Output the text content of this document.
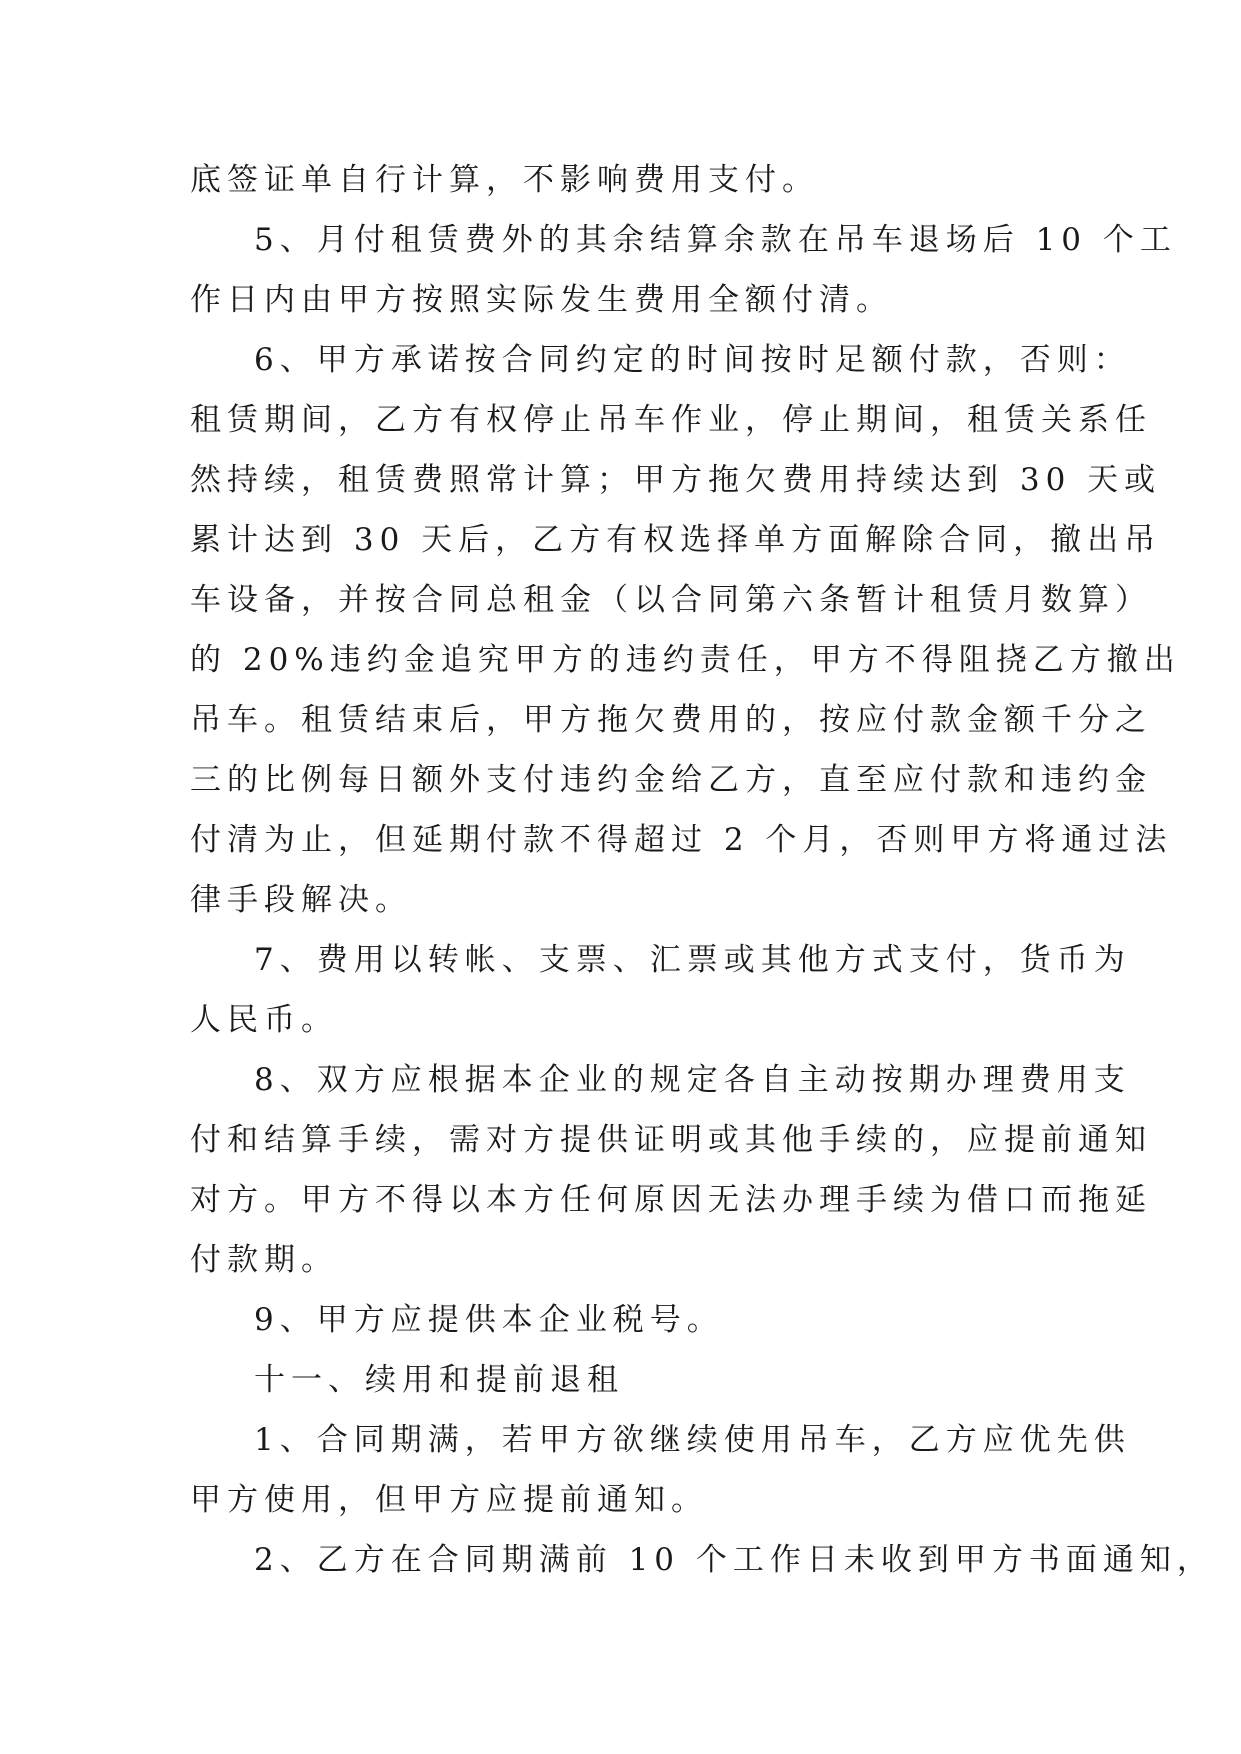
底签证单自行计算，不影响费用支付。
5、月付租赁费外的其余结算余款在吊车退场后 10 个工
作日内由甲方按照实际发生费用全额付清。
6、甲方承诺按合同约定的时间按时足额付款，否则：
租赁期间，乙方有权停止吊车作业，停止期间，租赁关系任
然持续，租赁费照常计算；甲方拖欠费用持续达到 30 天或
累计达到 30 天后，乙方有权选择单方面解除合同，撤出吊
车设备，并按合同总租金（以合同第六条暂计租赁月数算）
的 20%违约金追究甲方的违约责任，甲方不得阻挠乙方撤出
吊车。租赁结束后，甲方拖欠费用的，按应付款金额千分之
三的比例每日额外支付违约金给乙方，直至应付款和违约金
付清为止，但延期付款不得超过 2 个月，否则甲方将通过法
律手段解决。
7、费用以转帐、支票、汇票或其他方式支付，货币为
人民币。
8、双方应根据本企业的规定各自主动按期办理费用支
付和结算手续，需对方提供证明或其他手续的，应提前通知
对方。甲方不得以本方任何原因无法办理手续为借口而拖延
付款期。
9、甲方应提供本企业税号。
十一、续用和提前退租
1、合同期满，若甲方欲继续使用吊车，乙方应优先供
甲方使用，但甲方应提前通知。
2、乙方在合同期满前 10 个工作日未收到甲方书面通知，
